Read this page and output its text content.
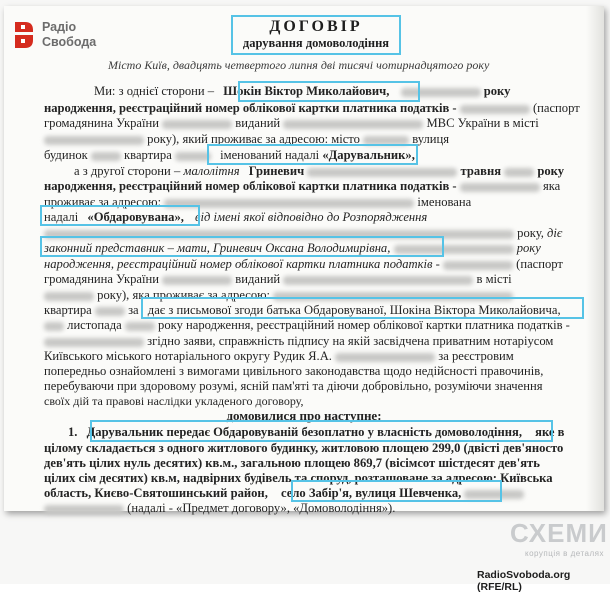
Радіо
Свобода
ДОГОВІР
дарування домоволодіння
Місто Київ, двадцять четвертого липня дві тисячі чотирнадцятого року
Ми: з однієї сторони – Шокін Віктор Миколайович,	року
народження, реєстраційний номер облікової картки платника податків -	(паспорт
громадянина України	виданий	МВС України в місті
року), який проживає за адресою: місто	вулиця
будинок	квартира	іменований надалі «Дарувальник»,
а з другої сторони – малолітня Гриневич	травня	року
народження, реєстраційний номер облікової картки платника податків -	яка
проживає за адресою:	іменована
надалі «Обдаровувана», від імені якої відповідно до Розпорядження
року, діє
законний представник – мати, Гриневич Оксана Володимирівна,	року
народження, реєстраційний номер облікової картки платника податків -	(паспорт
громадянина України	виданий	в місті
року), яка проживає за адресою:
квартира	за дає з письмової згоди батька Обдаровуваної, Шокіна Віктора Миколайовича,
листопада	року народження, реєстраційний номер облікової картки платника податків -
згідно заяви, справжність підпису на якій засвідчена приватним нотаріусом
Київського міського нотаріального округу Рудик Я.А.	за реєстровим
попередньо ознайомлені з вимогами цивільного законодавства щодо недійсності правочинів,
перебуваючи при здоровому розумі, ясній пам'яті та діючи добровільно, розуміючи значення
своїх дій та правові наслідки укладеного договору,
домовилися про наступне:
1. Дарувальник передає Обдаровуваній безоплатно у власність домоволодіння, яке в
цілому складається з одного житлового будинку, житловою площею 299,0 (двісті дев'яносто
дев'ять цілих нуль десятих) кв.м., загальною площею 869,7 (вісімсот шістдесят дев'ять
цілих сім десятих) кв.м, надвірних будівель та споруд, розташоване за адресою: Київська
область, Києво-Святошинський район, село Забір'я, вулиця Шевченка,
(надалі - «Предмет договору», «Домоволодіння»).
СХЕМИ
корупція в деталях
RadioSvoboda.org (RFE/RL)
